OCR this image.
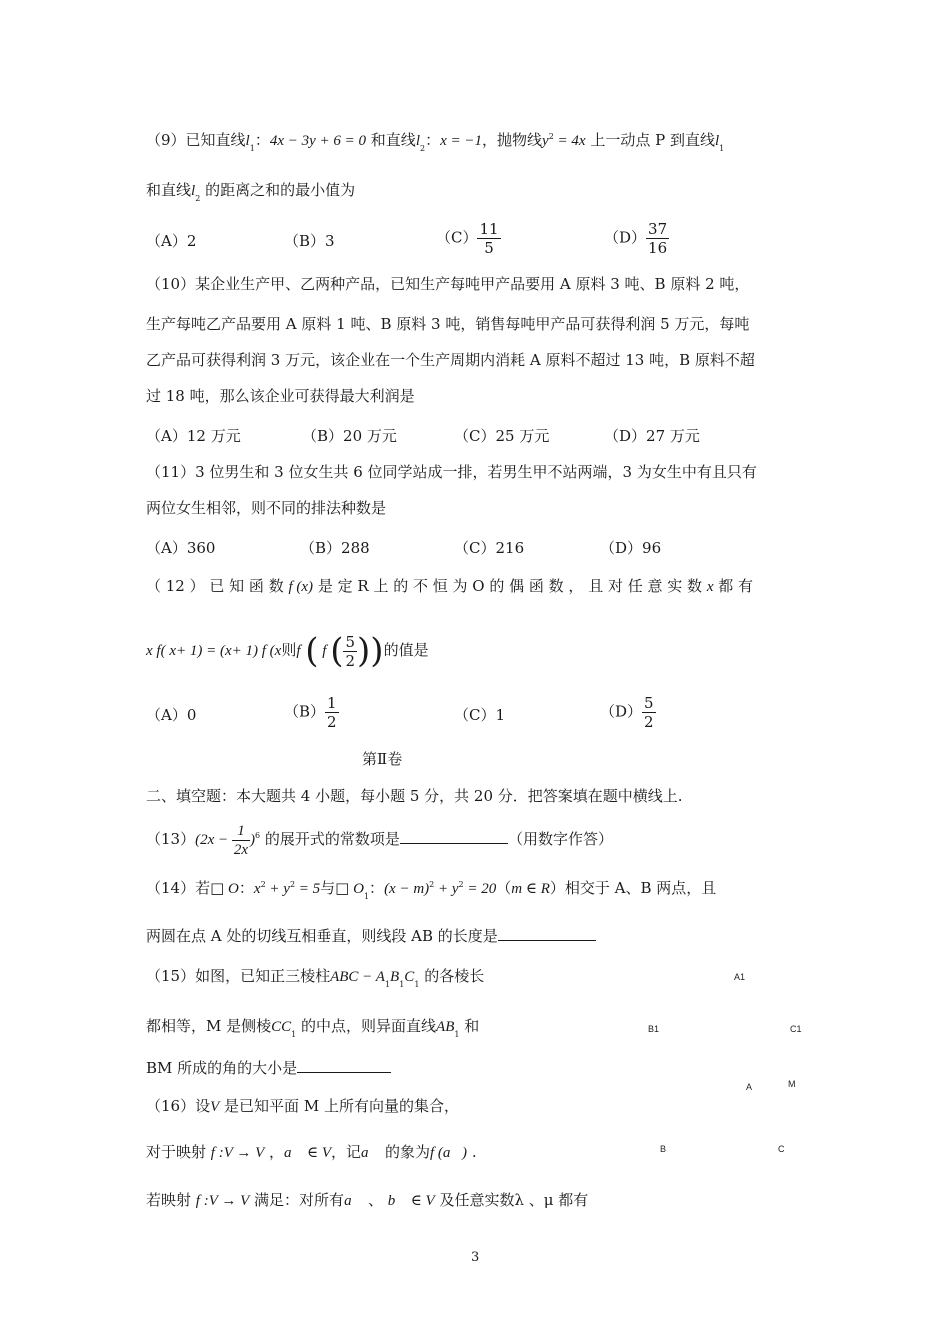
（9）已知直线$l_1$：4x − 3y + 6 = 0 和直线$l_2$：x = −1，抛物线$y^2 = 4x$ 上一动点 P 到直线$l_1$
和直线$l_2$ 的距离之和的最小值为
（A）2	（B）3	$(C) \frac{11}{5}$	$(D) \frac{37}{16}$
（10）某企业生产甲、乙两种产品，已知生产每吨甲产品要用 A 原料 3 吨、B 原料 2 吨，
生产每吨乙产品要用 A 原料 1 吨、B 原料 3 吨，销售每吨甲产品可获得利润 5 万元，每吨
乙产品可获得利润 3 万元，该企业在一个生产周期内消耗 A 原料不超过 13 吨，B 原料不超
过 18 吨，那么该企业可获得最大利润是
（A）12 万元	（B）20 万元	（C）25 万元	（D）27 万元
（11）3 位男生和 3 位女生共 6 位同学站成一排，若男生甲不站两端，3 为女生中有且只有
两位女生相邻，则不同的排法种数是
（A）360	（B）288	（C）216	（D）96
（ 12 ） 已 知 函 数 f (x) 是 定 R 上 的 不 恒 为 O 的 偶 函 数 ， 且 对 任 意 实 数 x 都 有
x f( x+ 1) = (x+ 1) f (x则f ( f ( $\frac{5}{2}$ ))的值是
（A）0	$(B) \frac{1}{2}$	（C）1	$(D) \frac{5}{2}$
第Ⅱ卷
二、填空题：本大题共 4 小题，每小题 5 分，共 20 分．把答案填在题中横线上.
$(13)(2x - \frac{1}{2x} )^6$ 的展开式的常数项是	（用数字作答）
（14）若□ O：$x^2 + y^2 = 5$与□ $O_1$：$(x - m)^2 + y^2 = 20(m$ ∈ R）相交于 A、B 两点，且
两圆在点 A 处的切线互相垂直，则线段 AB 的长度是
（15）如图，已知正三棱柱ABC − $A_1B_1C_1$ 的各棱长
都相等，M 是侧棱$CC_1$ 的中点，则异面直线$AB_1$ 和
BM 所成的角的大小是
A1
B1	C1
A	M
B	C
（16）设V 是已知平面 M 上所有向量的集合，
对于映射 f :V → V ，a⃗ ∈ V，记a⃗ 的象为f (a⃗) .
若映射 f :V → V 满足：对所有a⃗ 、 b⃗ ∈ V 及任意实数λ 、μ 都有
3
